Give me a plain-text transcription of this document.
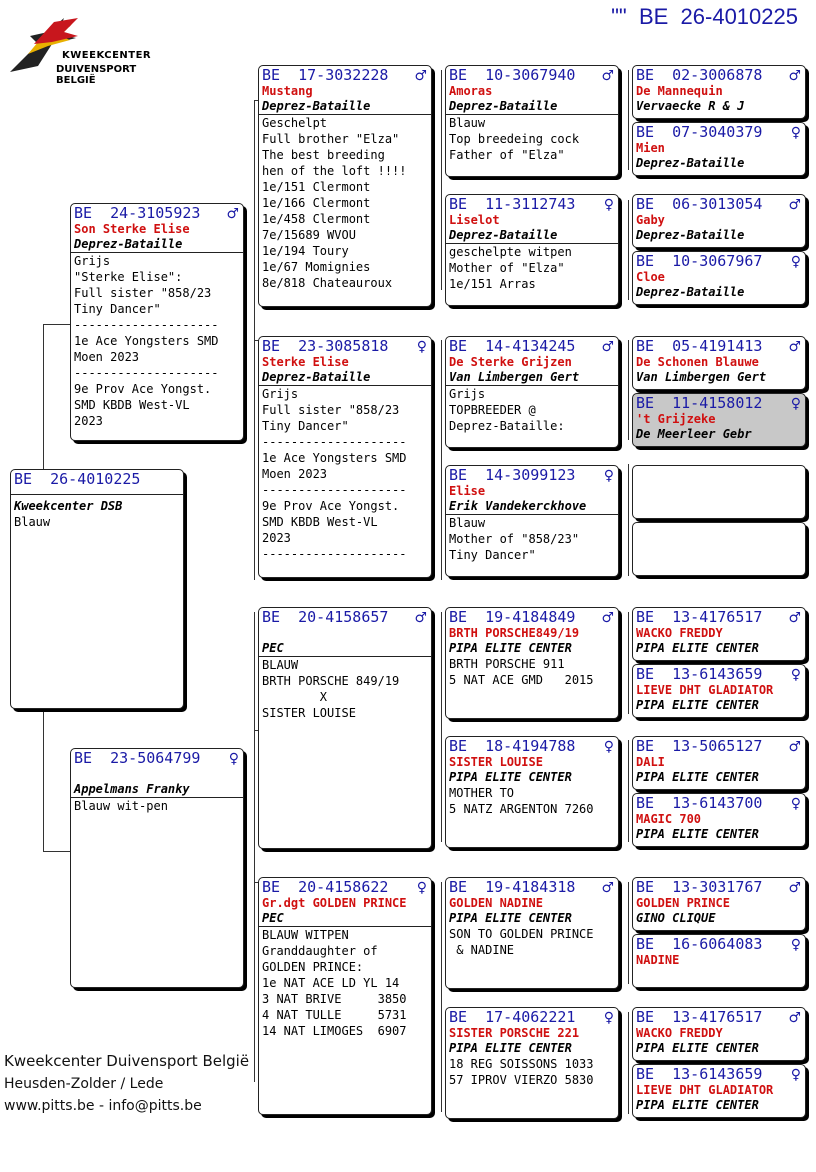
KWEEKCENTER
DUIVENSPORT BELGIË
""  BE  26-4010225
BE  26-4010225
Kweekcenter DSB
Blauw
BE  24-3105923 ♂
Son Sterke Elise
Deprez-Bataille
Grijs
"Sterke Elise":
Full sister "858/23
Tiny Dancer"
--------------------
1e Ace Yongsters SMD
Moen 2023
--------------------
9e Prov Ace Yongst.
SMD KBDB West-VL
2023
BE  23-5064799 ♀
Appelmans Franky
Blauw wit-pen
BE  17-3032228 ♂
Mustang
Deprez-Bataille
Geschelpt
Full brother "Elza"
The best breeding
hen of the loft !!!!
1e/151 Clermont
1e/166 Clermont
1e/458 Clermont
7e/15689 WVOU
1e/194 Toury
1e/67 Momignies
8e/818 Chateauroux
BE  23-3085818 ♀
Sterke Elise
Deprez-Bataille
Grijs
Full sister "858/23
Tiny Dancer"
--------------------
1e Ace Yongsters SMD
Moen 2023
--------------------
9e Prov Ace Yongst.
SMD KBDB West-VL
2023
--------------------
BE  20-4158657 ♂
PEC
BLAUW
BRTH PORSCHE 849/19
X
SISTER LOUISE
BE  20-4158622 ♀
Gr.dgt GOLDEN PRINCE
PEC
BLAUW WITPEN
Granddaughter of
GOLDEN PRINCE:
1e NAT ACE LD YL 14
3 NAT BRIVE     3850
4 NAT TULLE     5731
14 NAT LIMOGES  6907
BE  10-3067940 ♂
Amoras
Deprez-Bataille
Blauw
Top breedeing cock
Father of "Elza"
BE  11-3112743 ♀
Liselot
Deprez-Bataille
geschelpte witpen
Mother of "Elza"
1e/151 Arras
BE  14-4134245 ♂
De Sterke Grijzen
Van Limbergen Gert
Grijs
TOPBREEDER @
Deprez-Bataille:
BE  14-3099123 ♀
Elise
Erik Vandekerckhove
Blauw
Mother of "858/23"
Tiny Dancer"
BE  19-4184849 ♂
BRTH PORSCHE849/19
PIPA ELITE CENTER
BRTH PORSCHE 911
5 NAT ACE GMD   2015
BE  18-4194788 ♀
SISTER LOUISE
PIPA ELITE CENTER
MOTHER TO
5 NATZ ARGENTON 7260
BE  19-4184318 ♂
GOLDEN NADINE
PIPA ELITE CENTER
SON TO GOLDEN PRINCE
& NADINE
BE  17-4062221 ♀
SISTER PORSCHE 221
PIPA ELITE CENTER
18 REG SOISSONS 1033
57 IPROV VIERZO 5830
BE  02-3006878 ♂
De Mannequin
Vervaecke R & J
BE  07-3040379 ♀
Mien
Deprez-Bataille
BE  06-3013054 ♂
Gaby
Deprez-Bataille
BE  10-3067967 ♀
Cloe
Deprez-Bataille
BE  05-4191413 ♂
De Schonen Blauwe
Van Limbergen Gert
BE  11-4158012 ♀
't Grijzeke
De Meerleer Gebr
BE  13-4176517 ♂
WACKO FREDDY
PIPA ELITE CENTER
BE  13-6143659 ♀
LIEVE DHT GLADIATOR
PIPA ELITE CENTER
BE  13-5065127 ♂
DALI
PIPA ELITE CENTER
BE  13-6143700 ♀
MAGIC 700
PIPA ELITE CENTER
BE  13-3031767 ♂
GOLDEN PRINCE
GINO CLIQUE
BE  16-6064083 ♀
NADINE
BE  13-4176517 ♂
WACKO FREDDY
PIPA ELITE CENTER
BE  13-6143659 ♀
LIEVE DHT GLADIATOR
PIPA ELITE CENTER
Kweekcenter Duivensport België
Heusden-Zolder / Lede
www.pitts.be - info@pitts.be
